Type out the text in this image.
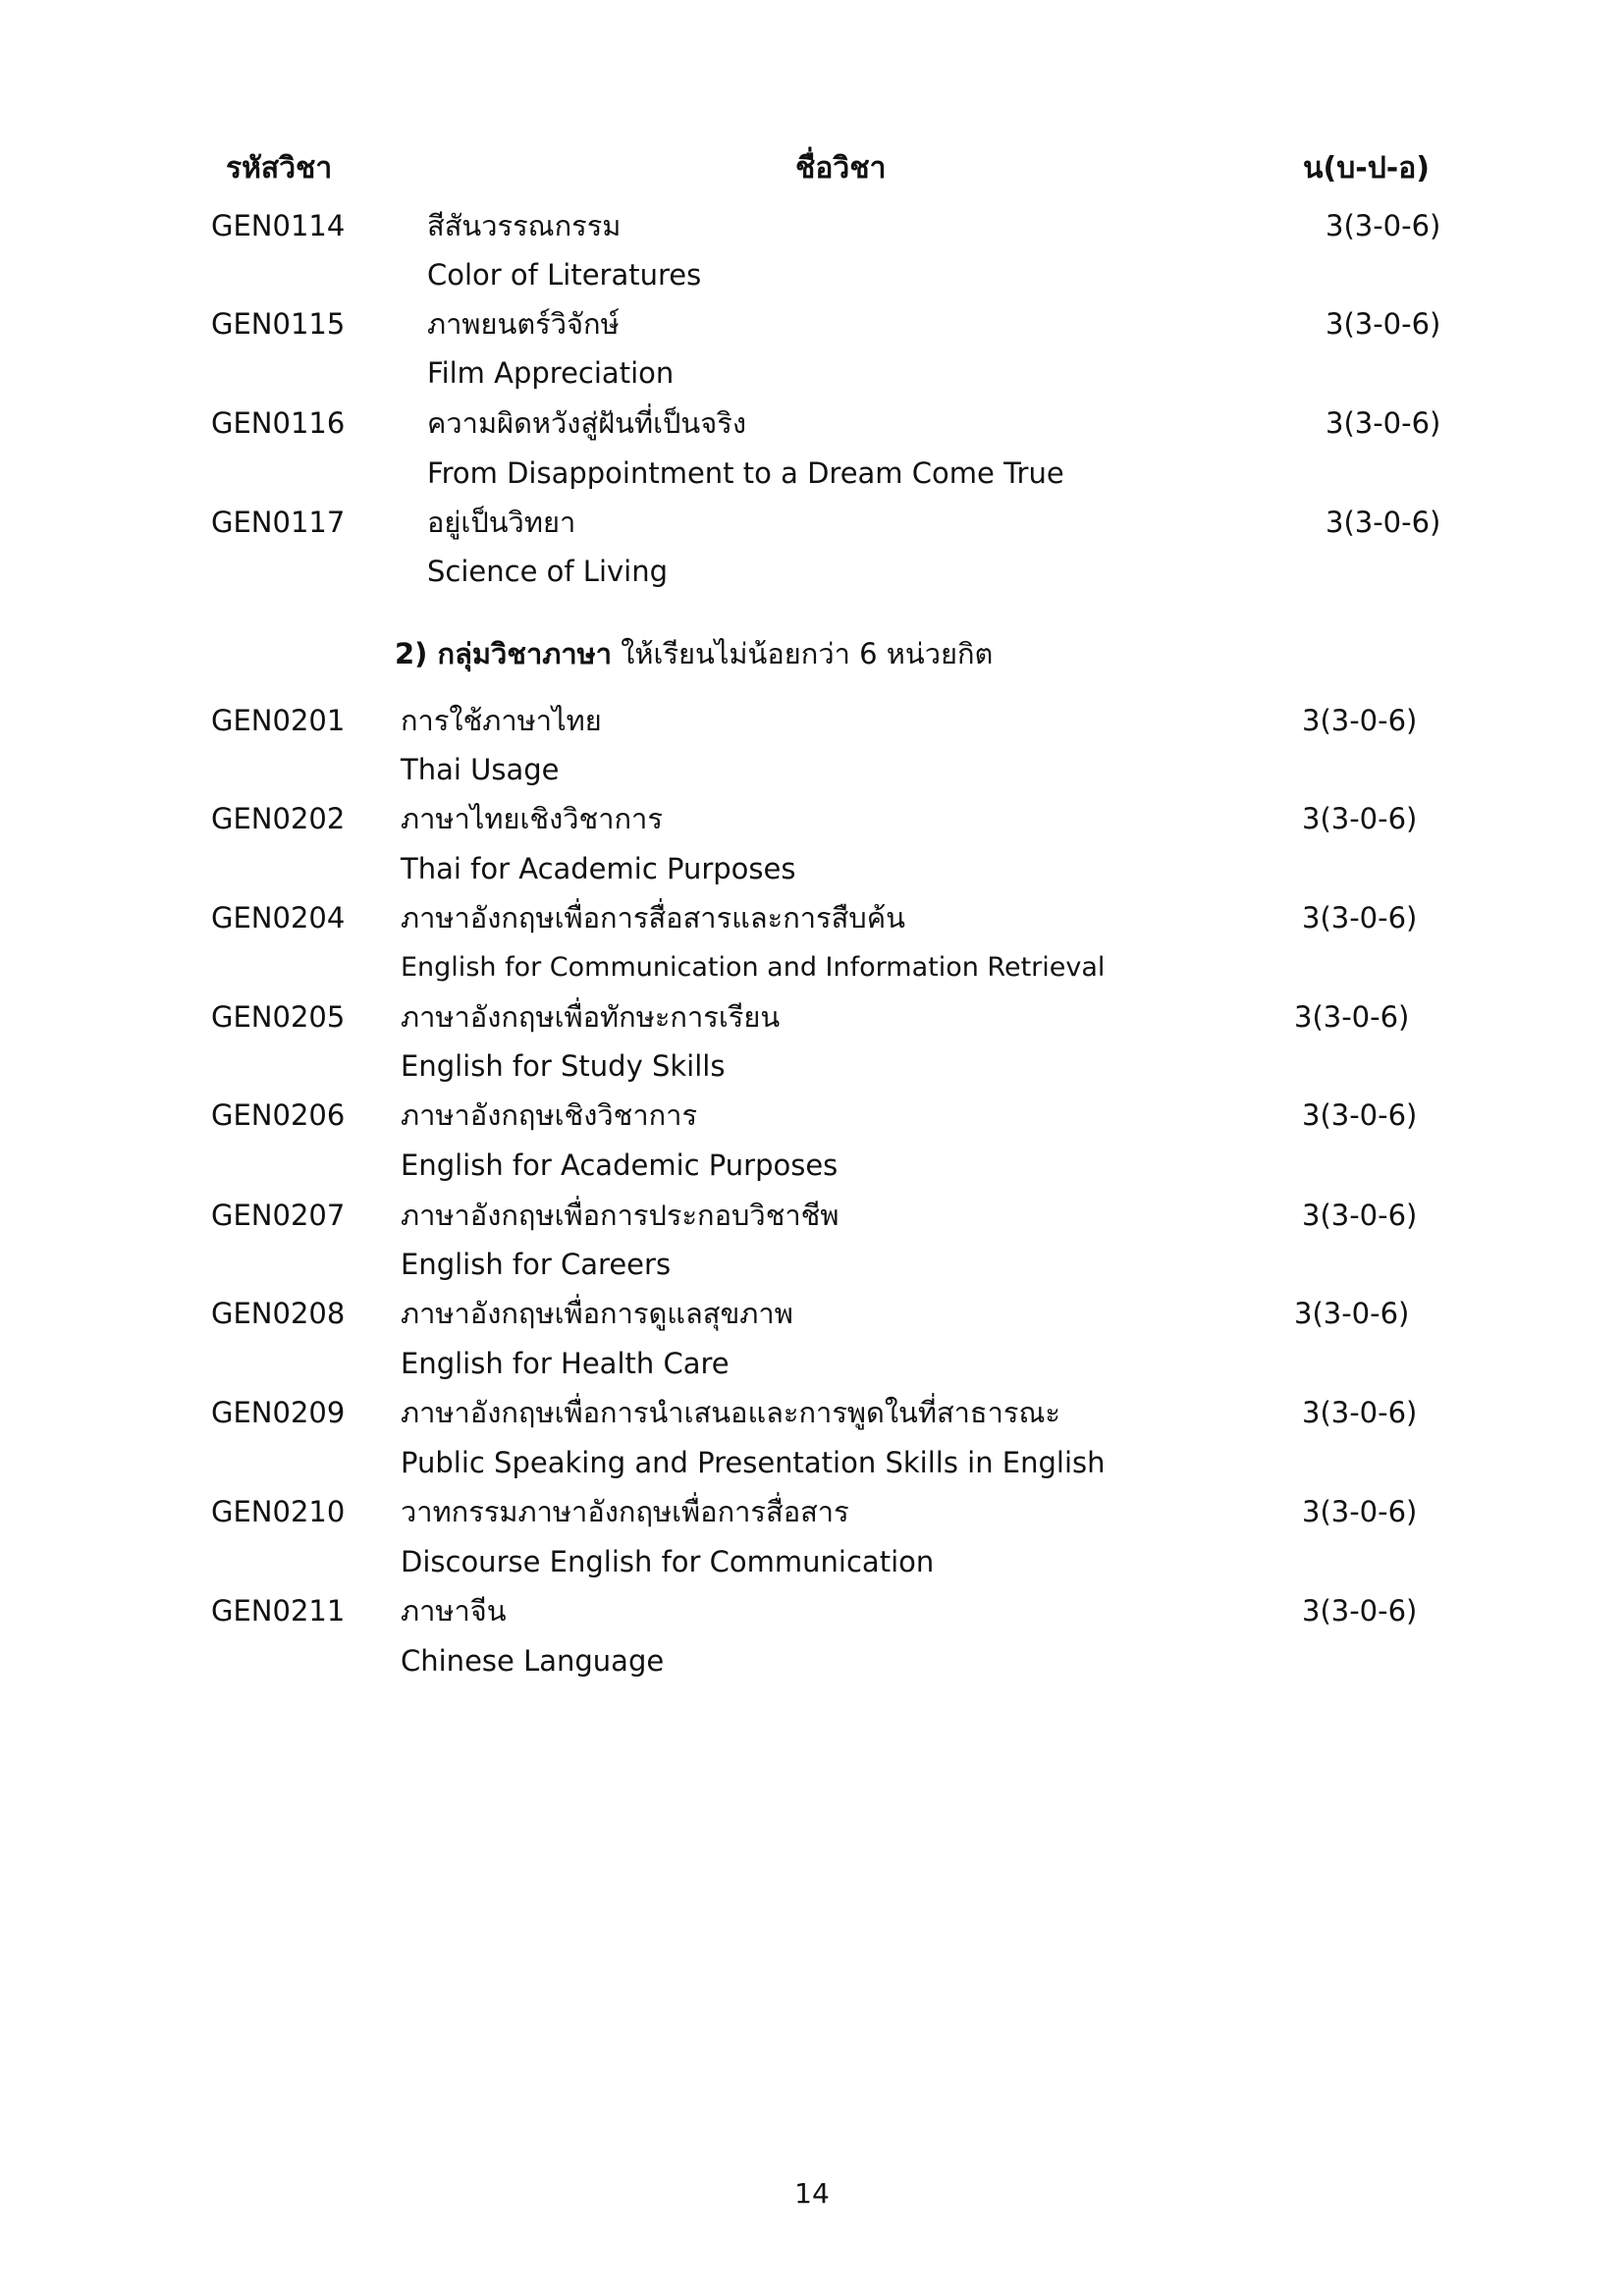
รหัสวิชา	ชื่อวิชา	น(บ-ป-อ)
GEN0114	สีสันวรรณกรรม	3(3-0-6)
Color of Literatures
GEN0115	ภาพยนตร์วิจักษ์	3(3-0-6)
Film Appreciation
GEN0116	ความผิดหวังสู่ฝันที่เป็นจริง	3(3-0-6)
From Disappointment to a Dream Come True
GEN0117	อยู่เป็นวิทยา	3(3-0-6)
Science of Living
2) กลุ่มวิชาภาษา ให้เรียนไม่น้อยกว่า 6 หน่วยกิต
GEN0201 การใช้ภาษาไทย	3(3-0-6)
Thai Usage
GEN0202 ภาษาไทยเชิงวิชาการ	3(3-0-6)
Thai for Academic Purposes
GEN0204 ภาษาอังกฤษเพื่อการสื่อสารและการสืบค้น	3(3-0-6)
English for Communication and Information Retrieval
GEN0205 ภาษาอังกฤษเพื่อทักษะการเรียน	3(3-0-6)
English for Study Skills
GEN0206 ภาษาอังกฤษเชิงวิชาการ	3(3-0-6)
English for Academic Purposes
GEN0207 ภาษาอังกฤษเพื่อการประกอบวิชาชีพ	3(3-0-6)
English for Careers
GEN0208 ภาษาอังกฤษเพื่อการดูแลสุขภาพ	3(3-0-6)
English for Health Care
GEN0209 ภาษาอังกฤษเพื่อการนำเสนอและการพูดในที่สาธารณะ	3(3-0-6)
Public Speaking and Presentation Skills in English
GEN0210 วาทกรรมภาษาอังกฤษเพื่อการสื่อสาร	3(3-0-6)
Discourse English for Communication
GEN0211 ภาษาจีน	3(3-0-6)
Chinese Language
14
